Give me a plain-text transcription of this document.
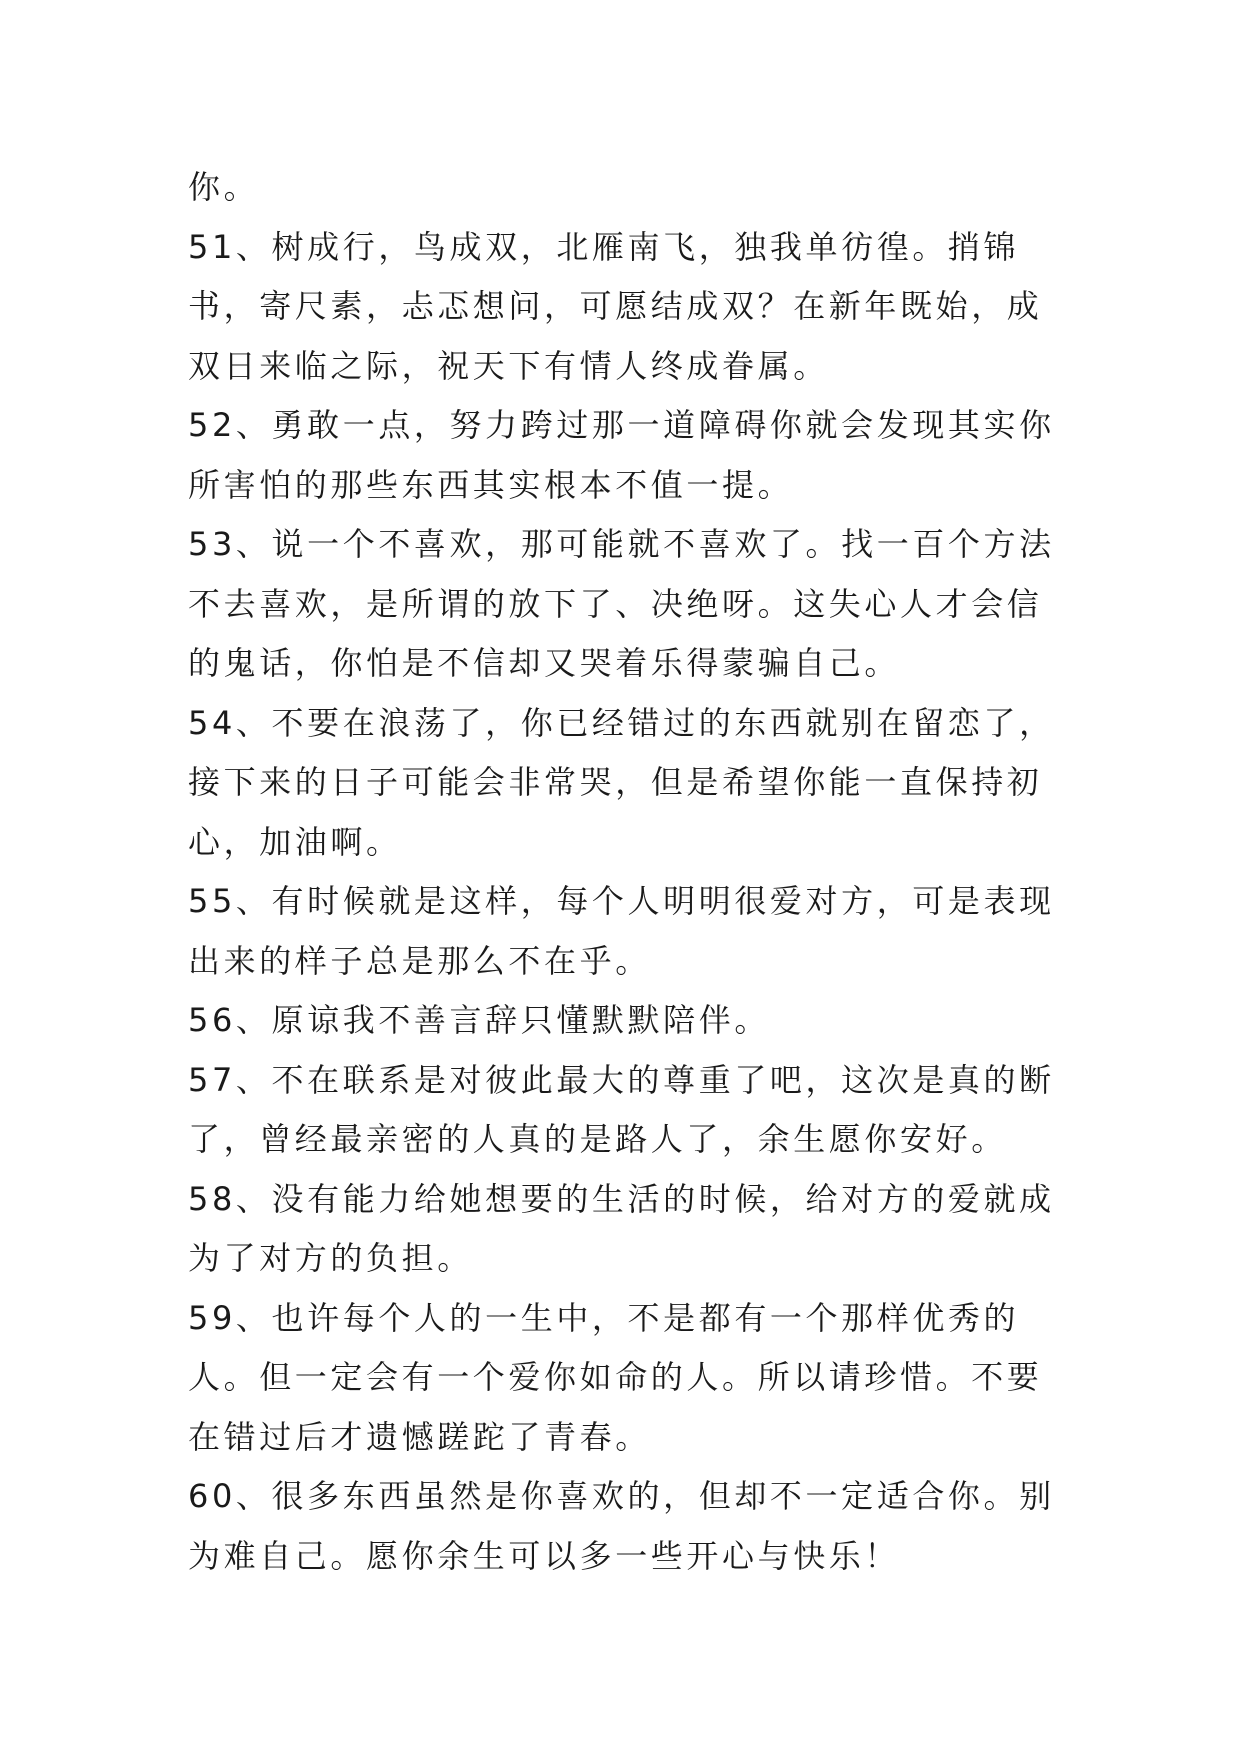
你。

51、树成行，鸟成双，北雁南飞，独我单彷徨。捎锦书，寄尺素，忐忑想问，可愿结成双？在新年既始，成双日来临之际，祝天下有情人终成眷属。

52、勇敢一点，努力跨过那一道障碍你就会发现其实你所害怕的那些东西其实根本不值一提。

53、说一个不喜欢，那可能就不喜欢了。找一百个方法不去喜欢，是所谓的放下了、决绝呀。这失心人才会信的鬼话，你怕是不信却又哭着乐得蒙骗自己。

54、不要在浪荡了，你已经错过的东西就别在留恋了，接下来的日子可能会非常哭，但是希望你能一直保持初心，加油啊。

55、有时候就是这样，每个人明明很爱对方，可是表现出来的样子总是那么不在乎。

56、原谅我不善言辞只懂默默陪伴。

57、不在联系是对彼此最大的尊重了吧，这次是真的断了，曾经最亲密的人真的是路人了，余生愿你安好。

58、没有能力给她想要的生活的时候，给对方的爱就成为了对方的负担。

59、也许每个人的一生中，不是都有一个那样优秀的人。但一定会有一个爱你如命的人。所以请珍惜。不要在错过后才遗憾蹉跎了青春。

60、很多东西虽然是你喜欢的，但却不一定适合你。别为难自己。愿你余生可以多一些开心与快乐！
